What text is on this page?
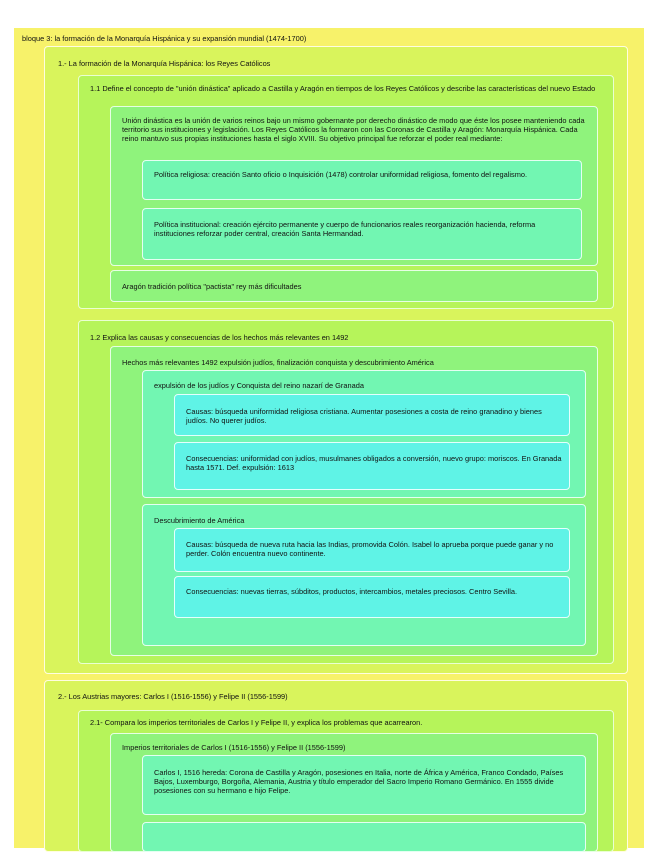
bloque 3: la formación de la Monarquía Hispánica y su expansión mundial (1474-1700)
1.- La formación de la Monarquía Hispánica: los Reyes Católicos
1.1 Define el concepto de "unión dinástica" aplicado a Castilla y Aragón en tiempos de los Reyes Católicos y describe las características del nuevo Estado
Unión dinástica es la unión de varios reinos bajo un mismo gobernante por derecho dinástico de modo que éste los posee manteniendo cada territorio sus instituciones y legislación. Los Reyes Católicos la formaron con las Coronas de Castilla y Aragón: Monarquía Hispánica. Cada reino mantuvo sus propias instituciones hasta el siglo XVIII. Su objetivo principal fue reforzar el poder real mediante:
Política religiosa: creación Santo oficio o Inquisición (1478) controlar uniformidad religiosa, fomento del regalismo.
Política institucional: creación ejército permanente y cuerpo de funcionarios reales reorganización hacienda, reforma instituciones reforzar poder central, creación Santa Hermandad.
Aragón tradición política "pactista" rey más dificultades
1.2 Explica las causas y consecuencias de los hechos más relevantes en 1492
Hechos más relevantes 1492 expulsión judíos, finalización conquista y descubrimiento América
expulsión de los judíos y Conquista del reino nazarí de Granada
Causas: búsqueda uniformidad religiosa cristiana. Aumentar posesiones a costa de reino granadino y bienes judíos. No querer judíos.
Consecuencias: uniformidad con judíos, musulmanes obligados a conversión, nuevo grupo: moriscos. En Granada hasta 1571. Def. expulsión: 1613
Descubrimiento de América
Causas: búsqueda de nueva ruta hacia las Indias, promovida Colón. Isabel lo aprueba porque puede ganar y no perder. Colón encuentra nuevo continente.
Consecuencias: nuevas tierras, súbditos, productos, intercambios, metales preciosos. Centro Sevilla.
2.- Los Austrias mayores: Carlos I (1516-1556) y Felipe II (1556-1599)
2.1- Compara los imperios territoriales de Carlos I y Felipe II, y explica los problemas que acarrearon.
Imperios territoriales de Carlos I (1516-1556) y Felipe II (1556-1599)
Carlos I, 1516 hereda: Corona de Castilla y Aragón, posesiones en Italia, norte de África y América, Franco Condado, Países Bajos, Luxemburgo, Borgoña, Alemania, Austria y título emperador del Sacro Imperio Romano Germánico. En 1555 divide posesiones con su hermano e hijo Felipe.
